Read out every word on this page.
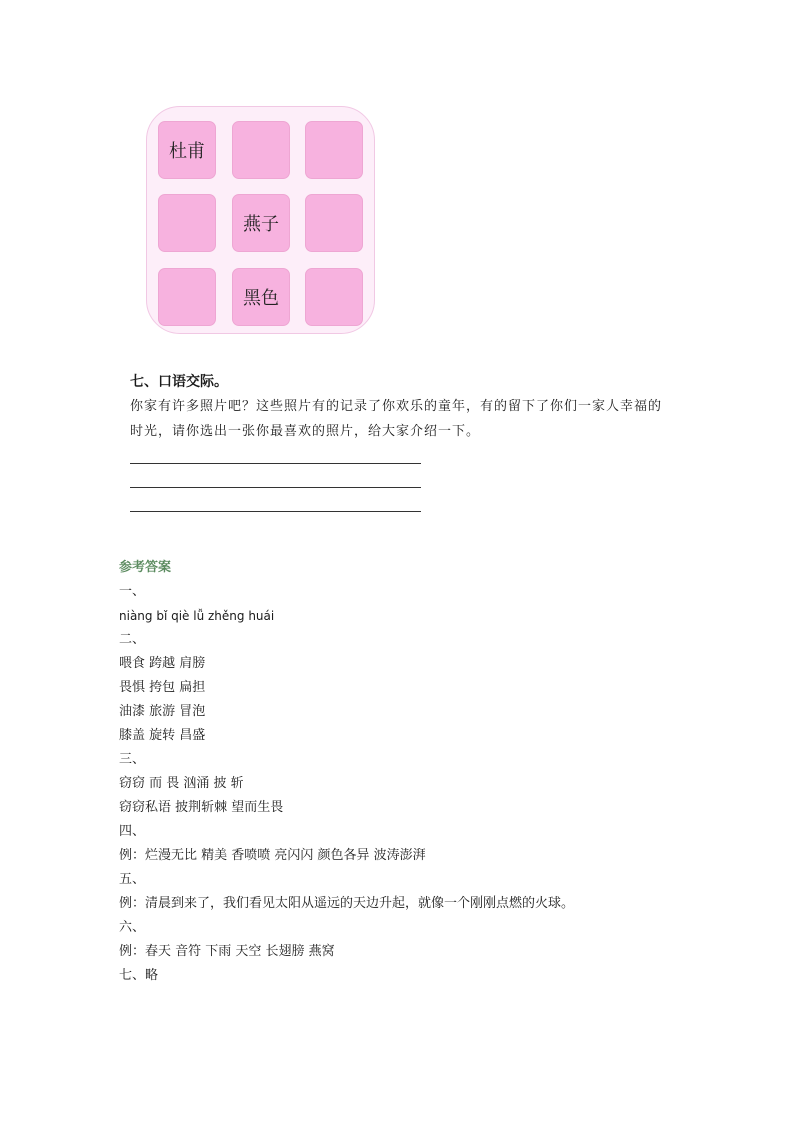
杜甫
燕子
黑色
七、口语交际。
你家有许多照片吧？这些照片有的记录了你欢乐的童年，有的留下了你们一家人幸福的时光，请你选出一张你最喜欢的照片，给大家介绍一下。
参考答案
一、
niàng bǐ qiè lǚ zhěng huái
二、
喂食 跨越 肩膀
畏惧 挎包 扁担
油漆 旅游 冒泡
膝盖 旋转 昌盛
三、
窃窃 而 畏 汹涌 披 斩
窃窃私语 披荆斩棘 望而生畏
四、
例：烂漫无比 精美 香喷喷 亮闪闪 颜色各异 波涛澎湃
五、
例：清晨到来了，我们看见太阳从遥远的天边升起，就像一个刚刚点燃的火球。
六、
例：春天 音符 下雨 天空 长翅膀 燕窝
七、略
